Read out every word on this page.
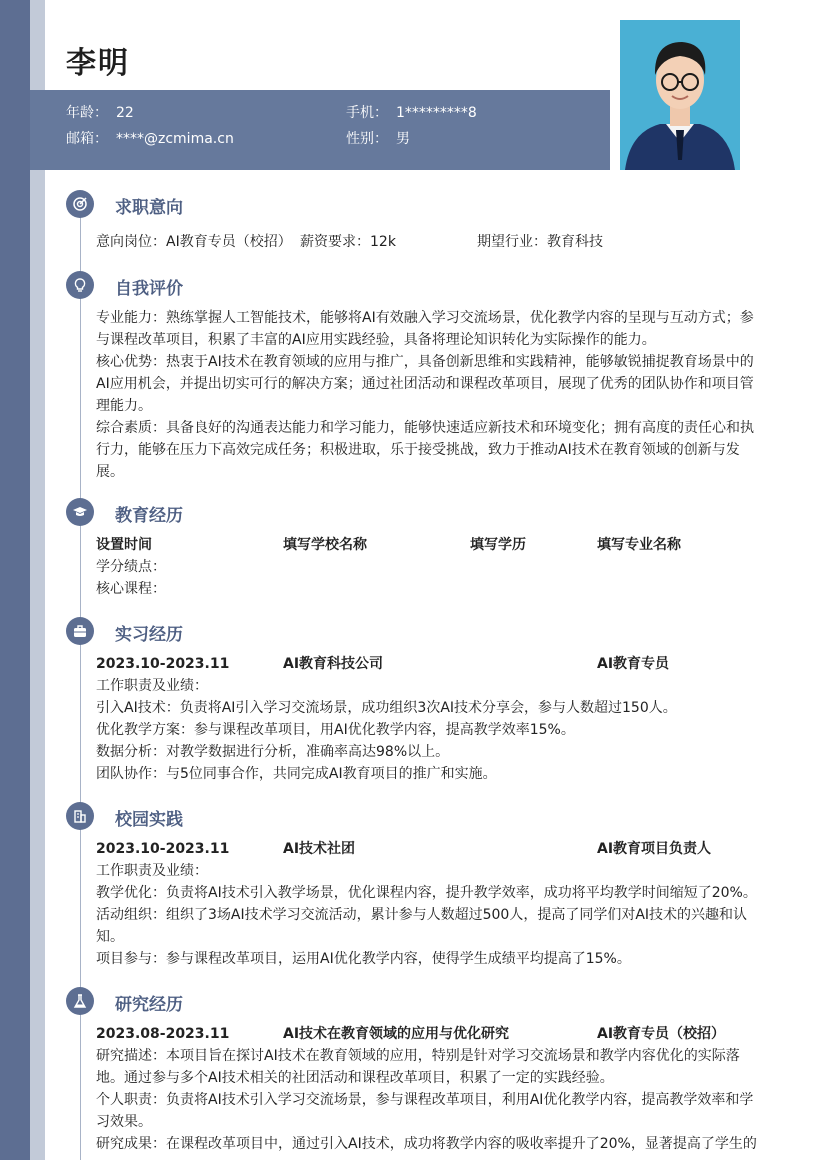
李明
年龄： 22	手机： 1*********8
邮箱： ****@zcmima.cn	性别： 男
求职意向
意向岗位：AI教育专员（校招） 薪资要求：12k	期望行业：教育科技
自我评价

专业能力：熟练掌握人工智能技术，能够将AI有效融入学习交流场景，优化教学内容的呈现与互动方式；参与课程改革项目，积累了丰富的AI应用实践经验，具备将理论知识转化为实际操作的能力。

核心优势：热衷于AI技术在教育领域的应用与推广，具备创新思维和实践精神，能够敏锐捕捉教育场景中的AI应用机会，并提出切实可行的解决方案；通过社团活动和课程改革项目，展现了优秀的团队协作和项目管理能力。

综合素质：具备良好的沟通表达能力和学习能力，能够快速适应新技术和环境变化；拥有高度的责任心和执行力，能够在压力下高效完成任务；积极进取，乐于接受挑战，致力于推动AI技术在教育领域的创新与发展。

教育经历
设置时间	填写学校名称	填写学历	填写专业名称

学分绩点：

核心课程：

实习经历
2023.10-2023.11	AI教育科技公司	AI教育专员

工作职责及业绩：

引入AI技术：负责将AI引入学习交流场景，成功组织3次AI技术分享会，参与人数超过150人。

优化教学方案：参与课程改革项目，用AI优化教学内容，提高教学效率15%。

数据分析：对教学数据进行分析，准确率高达98%以上。

团队协作：与5位同事合作，共同完成AI教育项目的推广和实施。

校园实践
2023.10-2023.11	AI技术社团	AI教育项目负责人

工作职责及业绩：

教学优化：负责将AI技术引入教学场景，优化课程内容，提升教学效率，成功将平均教学时间缩短了20%。

活动组织：组织了3场AI技术学习交流活动，累计参与人数超过500人，提高了同学们对AI技术的兴趣和认知。

项目参与：参与课程改革项目，运用AI优化教学内容，使得学生成绩平均提高了15%。

研究经历
2023.08-2023.11	AI技术在教育领域的应用与优化研究	AI教育专员（校招）

研究描述：本项目旨在探讨AI技术在教育领域的应用，特别是针对学习交流场景和教学内容优化的实际落地。通过参与多个AI技术相关的社团活动和课程改革项目，积累了一定的实践经验。

个人职责：负责将AI技术引入学习交流场景，参与课程改革项目，利用AI优化教学内容，提高教学效率和学习效果。

研究成果：在课程改革项目中，通过引入AI技术，成功将教学内容的吸收率提升了20%，显著提高了学生的
